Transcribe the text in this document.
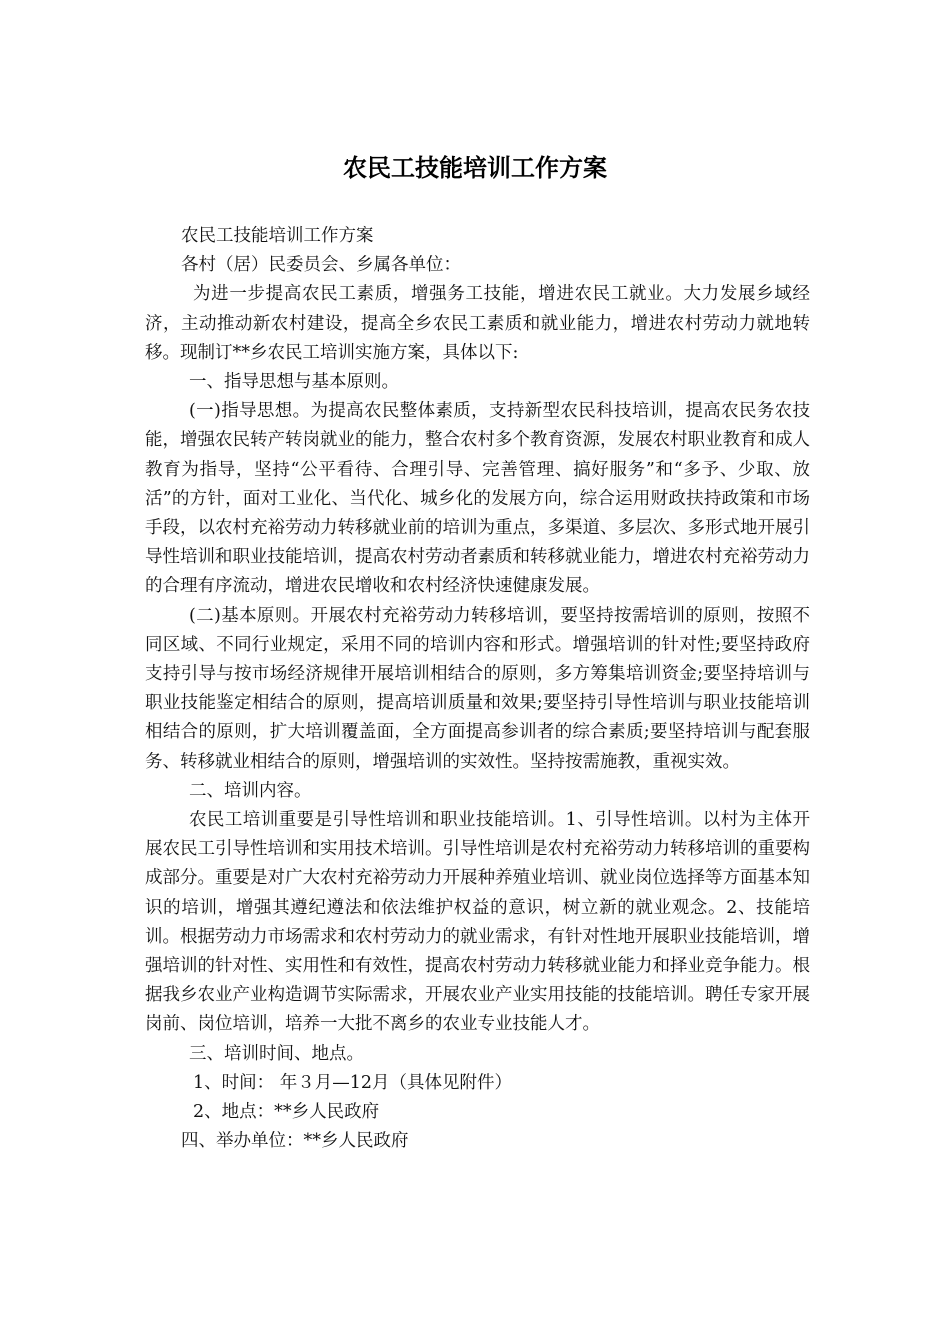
农民工技能培训工作方案

农民工技能培训工作方案

各村（居）民委员会、乡属各单位：

为进一步提高农民工素质，增强务工技能，增进农民工就业。大力发展乡域经济，主动推动新农村建设，提高全乡农民工素质和就业能力，增进农村劳动力就地转移。现制订**乡农民工培训实施方案，具体以下:

一、指导思想与基本原则。

(一)指导思想。为提高农民整体素质，支持新型农民科技培训，提高农民务农技能，增强农民转产转岗就业的能力，整合农村多个教育资源，发展农村职业教育和成人教育为指导，坚持“公平看待、合理引导、完善管理、搞好服务”和“多予、少取、放活”的方针，面对工业化、当代化、城乡化的发展方向，综合运用财政扶持政策和市场手段，以农村充裕劳动力转移就业前的培训为重点，多渠道、多层次、多形式地开展引导性培训和职业技能培训，提高农村劳动者素质和转移就业能力，增进农村充裕劳动力的合理有序流动，增进农民增收和农村经济快速健康发展。

(二)基本原则。开展农村充裕劳动力转移培训，要坚持按需培训的原则，按照不同区域、不同行业规定，采用不同的培训内容和形式。增强培训的针对性;要坚持政府支持引导与按市场经济规律开展培训相结合的原则，多方筹集培训资金;要坚持培训与职业技能鉴定相结合的原则，提高培训质量和效果;要坚持引导性培训与职业技能培训相结合的原则，扩大培训覆盖面，全方面提高参训者的综合素质;要坚持培训与配套服务、转移就业相结合的原则，增强培训的实效性。坚持按需施教，重视实效。

二、培训内容。

农民工培训重要是引导性培训和职业技能培训。1、引导性培训。以村为主体开展农民工引导性培训和实用技术培训。引导性培训是农村充裕劳动力转移培训的重要构成部分。重要是对广大农村充裕劳动力开展种养殖业培训、就业岗位选择等方面基本知识的培训，增强其遵纪遵法和依法维护权益的意识，树立新的就业观念。2、技能培训。根据劳动力市场需求和农村劳动力的就业需求，有针对性地开展职业技能培训，增强培训的针对性、实用性和有效性，提高农村劳动力转移就业能力和择业竞争能力。根据我乡农业产业构造调节实际需求，开展农业产业实用技能的技能培训。聘任专家开展岗前、岗位培训，培养一大批不离乡的农业专业技能人才。

三、培训时间、地点。

1、时间： 年３月—12月（具体见附件）

2、地点：**乡人民政府

四、举办单位：**乡人民政府
